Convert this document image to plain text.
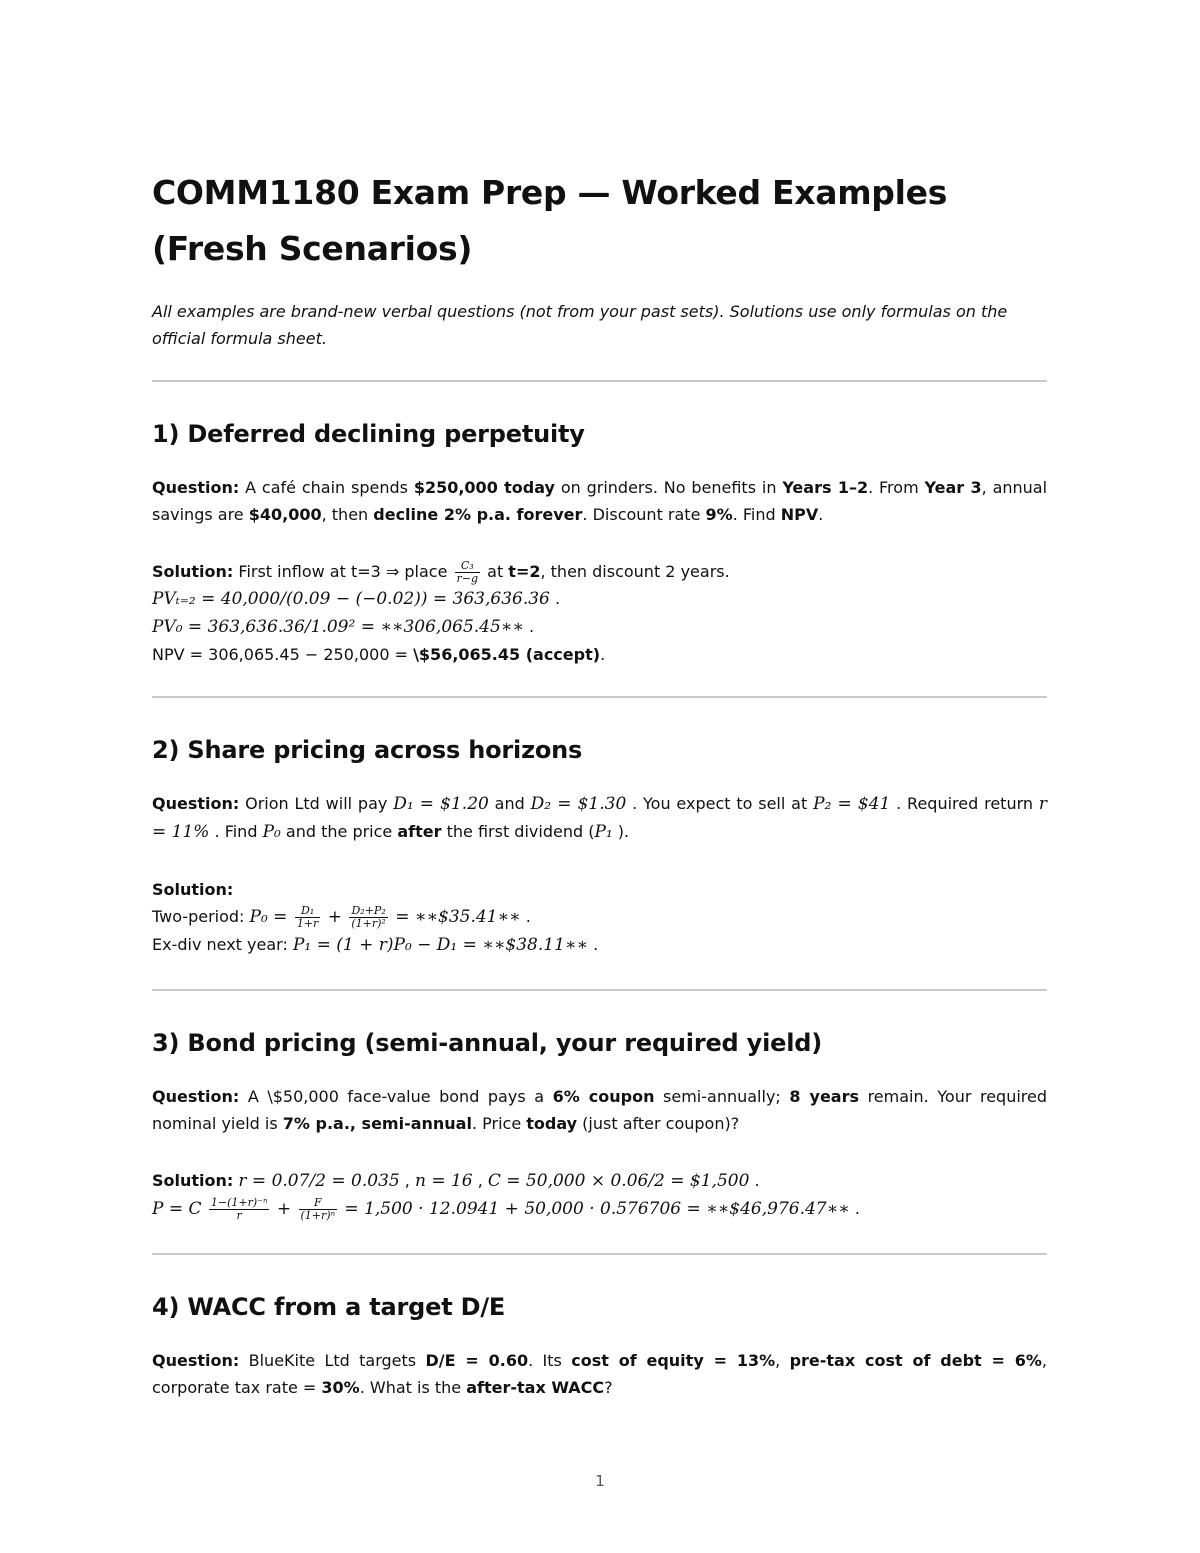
COMM1180 Exam Prep — Worked Examples (Fresh Scenarios)

All examples are brand-new verbal questions (not from your past sets). Solutions use only formulas on the official formula sheet.

1) Deferred declining perpetuity

Question: A café chain spends $250,000 today on grinders. No benefits in Years 1–2. From Year 3, annual savings are $40,000, then decline 2% p.a. forever. Discount rate 9%. Find NPV.

Solution: First inflow at t=3 ⇒ place $\frac{\text{C₃}}{r-g}$ at t=2, then discount 2 years.

PVₜ₌₂ = 40,000/(0.09 − (−0.02)) = 363,636.36 .

PV₀ = 363,636.36/1.09² = ∗∗306,065.45∗∗ .

NPV = 306,065.45 − 250,000 = \$56,065.45 (accept).

2) Share pricing across horizons

Question: Orion Ltd will pay D₁ = $1.20 and D₂ = $1.30 . You expect to sell at P₂ = $41 . Required return r = 11% . Find P₀ and the price after the first dividend (P₁ ).

Solution:

Two-period: $P_0 = \frac{\text{D₁}}{1+r} + \frac{\text{D₂+P₂}}{\text{(1+r)²}}$ = ∗∗$35.41∗∗ .

Ex-div next year: P₁ = (1 + r)P₀ − D₁ = ∗∗$38.11∗∗ .

3) Bond pricing (semi-annual, your required yield)

Question: A \$50,000 face-value bond pays a 6% coupon semi-annually; 8 years remain. Your required nominal yield is 7% p.a., semi-annual. Price today (just after coupon)?

Solution: r = 0.07/2 = 0.035 , n = 16 , C = 50,000 × 0.06/2 = $1,500 .

P = C $\frac{\text{1−(1+r)⁻ⁿ}}{r} + \frac{F}{\text{(1+r)ⁿ}} = 1,500 \cdot 12.0941 + 50,000 \cdot 0.576706$ = ∗∗$46,976.47∗∗ .

4) WACC from a target D/E

Question: BlueKite Ltd targets D/E = 0.60. Its cost of equity = 13%, pre-tax cost of debt = 6%, corporate tax rate = 30%. What is the after-tax WACC?

1
